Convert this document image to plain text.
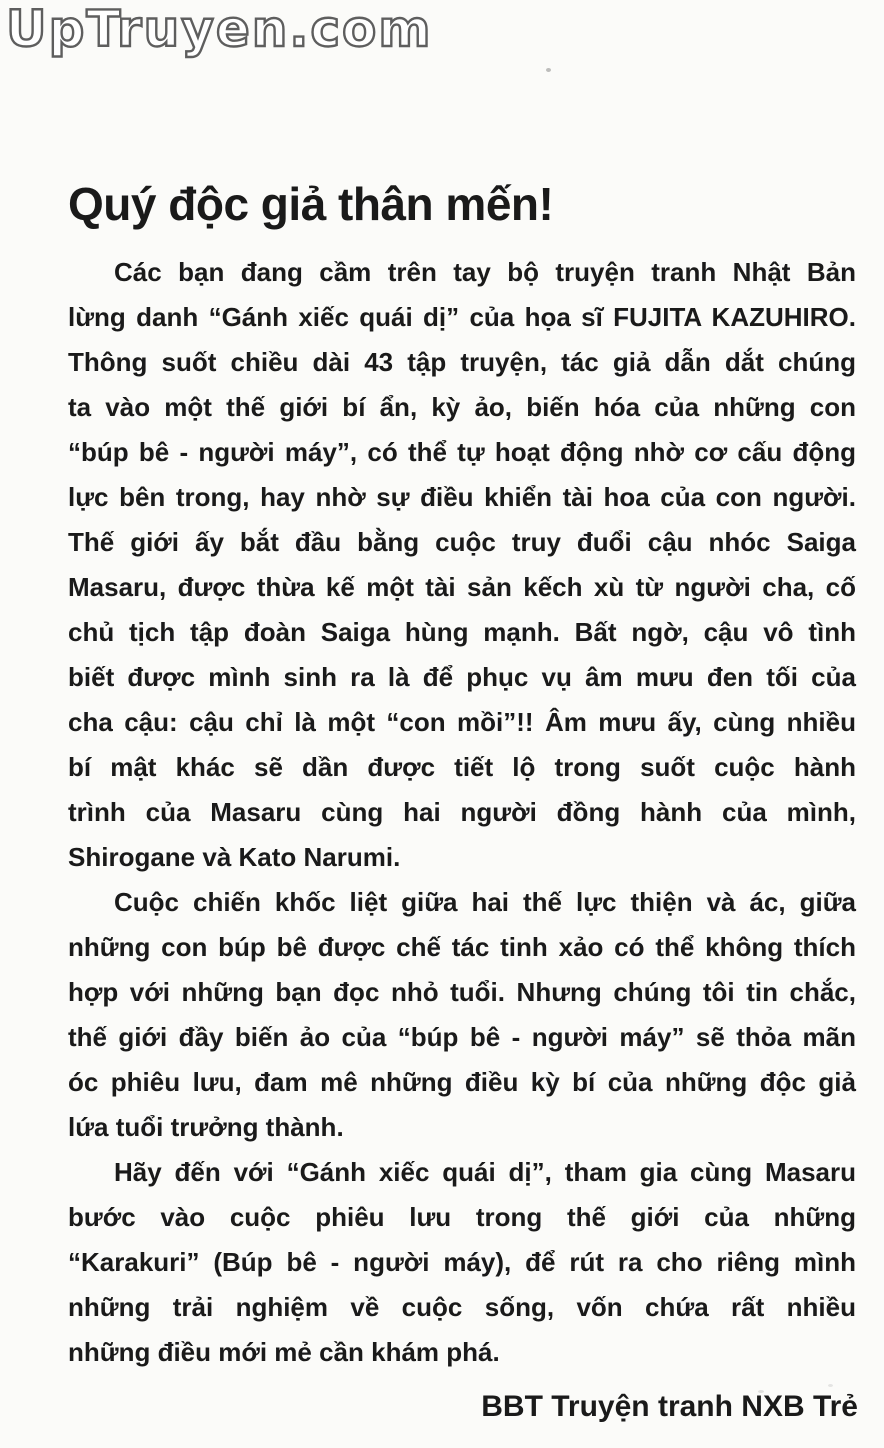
UpTruyen.com
Quý độc giả thân mến!
Các bạn đang cầm trên tay bộ truyện tranh Nhật Bản
lừng danh “Gánh xiếc quái dị” của họa sĩ FUJITA KAZUHIRO.
Thông suốt chiều dài 43 tập truyện, tác giả dẫn dắt chúng
ta vào một thế giới bí ẩn, kỳ ảo, biến hóa của những con
“búp bê - người máy”, có thể tự hoạt động nhờ cơ cấu động
lực bên trong, hay nhờ sự điều khiển tài hoa của con người.
Thế giới ấy bắt đầu bằng cuộc truy đuổi cậu nhóc Saiga
Masaru, được thừa kế một tài sản kếch xù từ người cha, cố
chủ tịch tập đoàn Saiga hùng mạnh. Bất ngờ, cậu vô tình
biết được mình sinh ra là để phục vụ âm mưu đen tối của
cha cậu: cậu chỉ là một “con mồi”!! Âm mưu ấy, cùng nhiều
bí mật khác sẽ dần được tiết lộ trong suốt cuộc hành
trình của Masaru cùng hai người đồng hành của mình,
Shirogane và Kato Narumi.
Cuộc chiến khốc liệt giữa hai thế lực thiện và ác, giữa
những con búp bê được chế tác tinh xảo có thể không thích
hợp với những bạn đọc nhỏ tuổi. Nhưng chúng tôi tin chắc,
thế giới đầy biến ảo của “búp bê - người máy” sẽ thỏa mãn
óc phiêu lưu, đam mê những điều kỳ bí của những độc giả
lứa tuổi trưởng thành.
Hãy đến với “Gánh xiếc quái dị”, tham gia cùng Masaru
bước vào cuộc phiêu lưu trong thế giới của những
“Karakuri” (Búp bê - người máy), để rút ra cho riêng mình
những trải nghiệm về cuộc sống, vốn chứa rất nhiều
những điều mới mẻ cần khám phá.
BBT Truyện tranh NXB Trẻ
